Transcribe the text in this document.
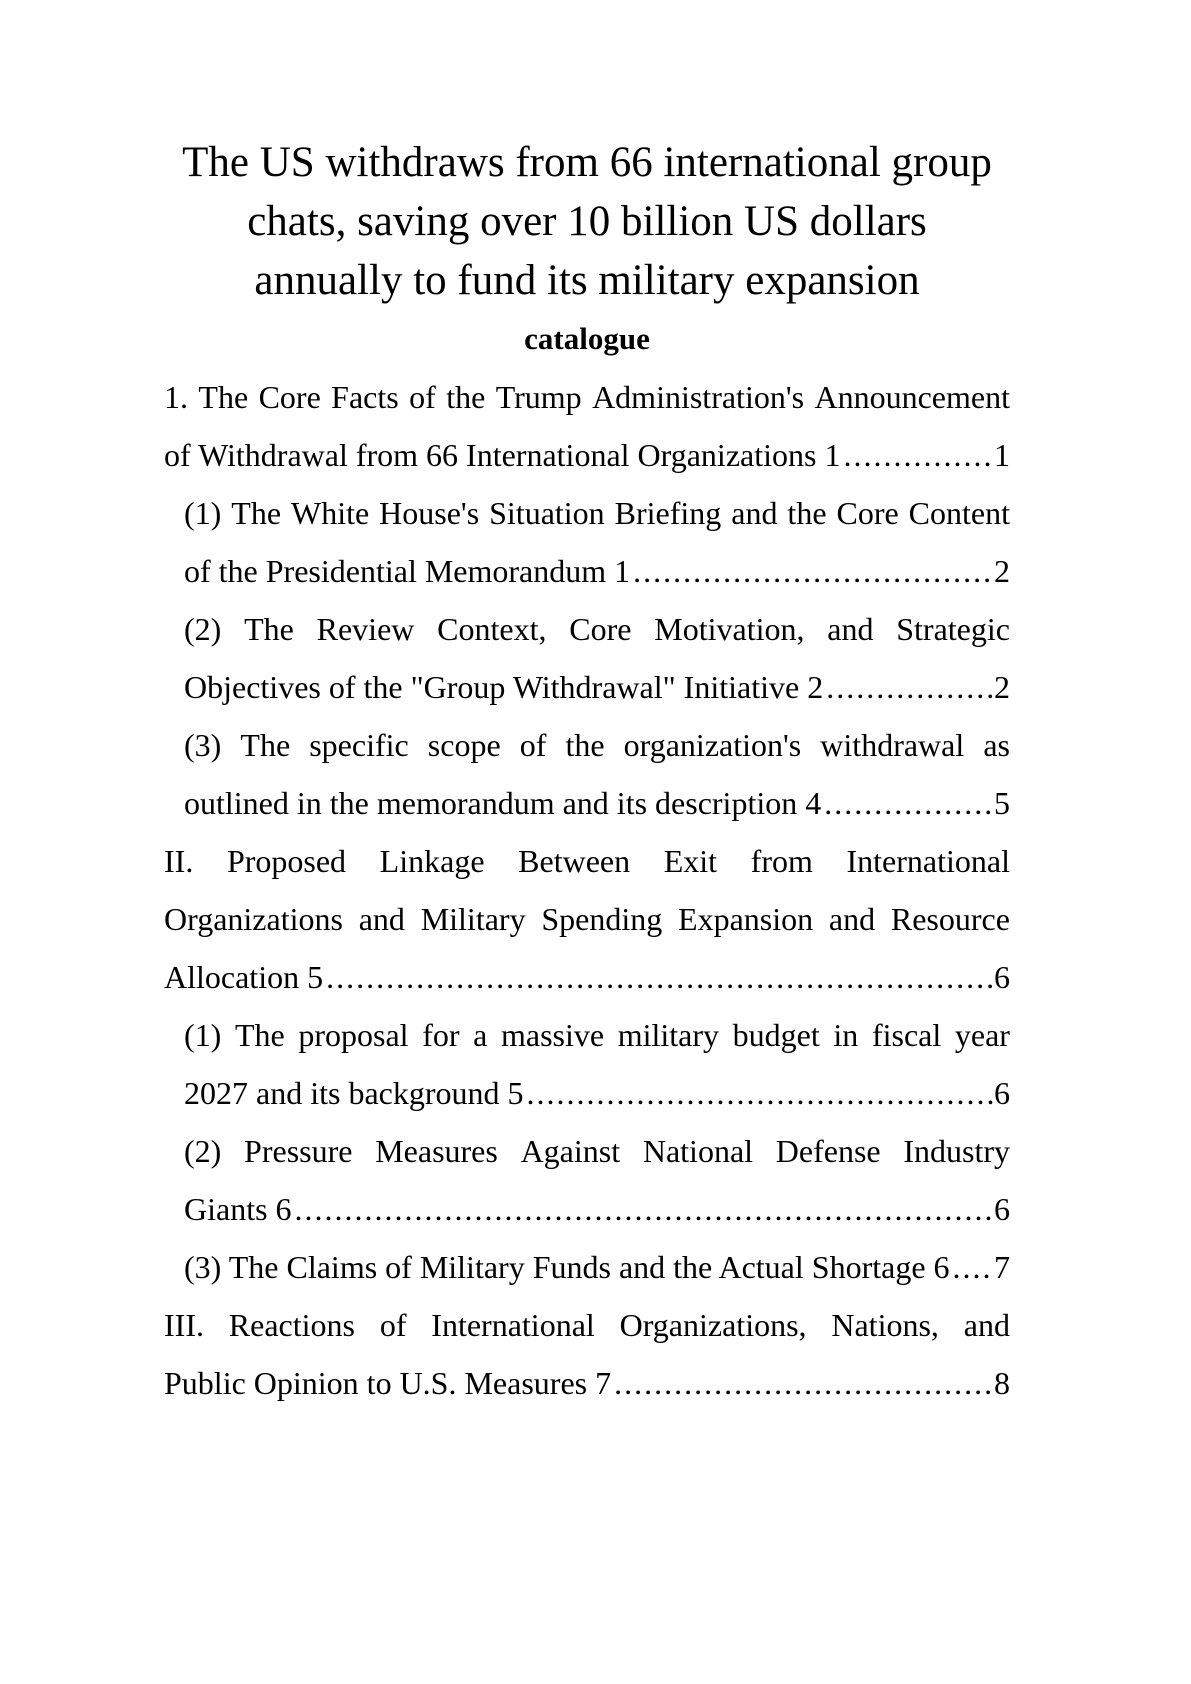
The US withdraws from 66 international group
chats, saving over 10 billion US dollars
annually to fund its military expansion
catalogue
1. The Core Facts of the Trump Administration's Announcement
of Withdrawal from 66 International Organizations 1 .....	1
(1) The White House's Situation Briefing and the Core Content
of the Presidential Memorandum 1 .....	2
(2) The Review Context, Core Motivation, and Strategic
Objectives of the "Group Withdrawal" Initiative 2 .....	2
(3) The specific scope of the organization's withdrawal as
outlined in the memorandum and its description 4 .....	5
II. Proposed Linkage Between Exit from International
Organizations and Military Spending Expansion and Resource
Allocation 5 .....	6
(1) The proposal for a massive military budget in fiscal year
2027 and its background 5 .....	6
(2) Pressure Measures Against National Defense Industry
Giants 6 .....	6
(3) The Claims of Military Funds and the Actual Shortage 6 ..... 7
III. Reactions of International Organizations, Nations, and
Public Opinion to U.S. Measures 7 .....	8
